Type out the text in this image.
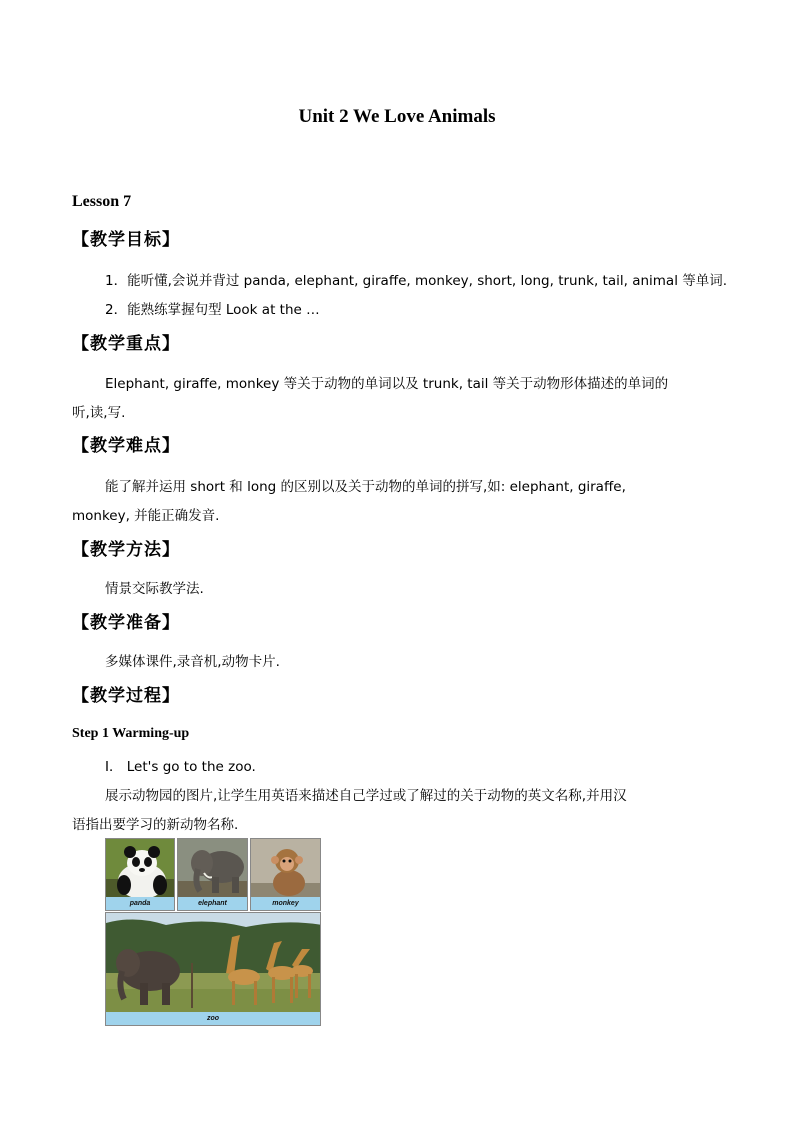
Unit 2 We Love Animals
Lesson 7
【教学目标】
1．能听懂,会说并背过 panda, elephant, giraffe, monkey, short, long, trunk, tail, animal 等单词.
2．能熟练掌握句型 Look at the …
【教学重点】
Elephant, giraffe, monkey 等关于动物的单词以及 trunk, tail 等关于动物形体描述的单词的
听,读,写.
【教学难点】
能了解并运用 short 和 long 的区别以及关于动物的单词的拼写,如: elephant, giraffe,
monkey, 并能正确发音.
【教学方法】
情景交际教学法.
【教学准备】
多媒体课件,录音机,动物卡片.
【教学过程】
Step 1 Warming-up
Ⅰ． Let's go to the zoo.
展示动物园的图片,让学生用英语来描述自己学过或了解过的关于动物的英文名称,并用汉
语指出要学习的新动物名称.
panda	elephant	monkey
zoo
